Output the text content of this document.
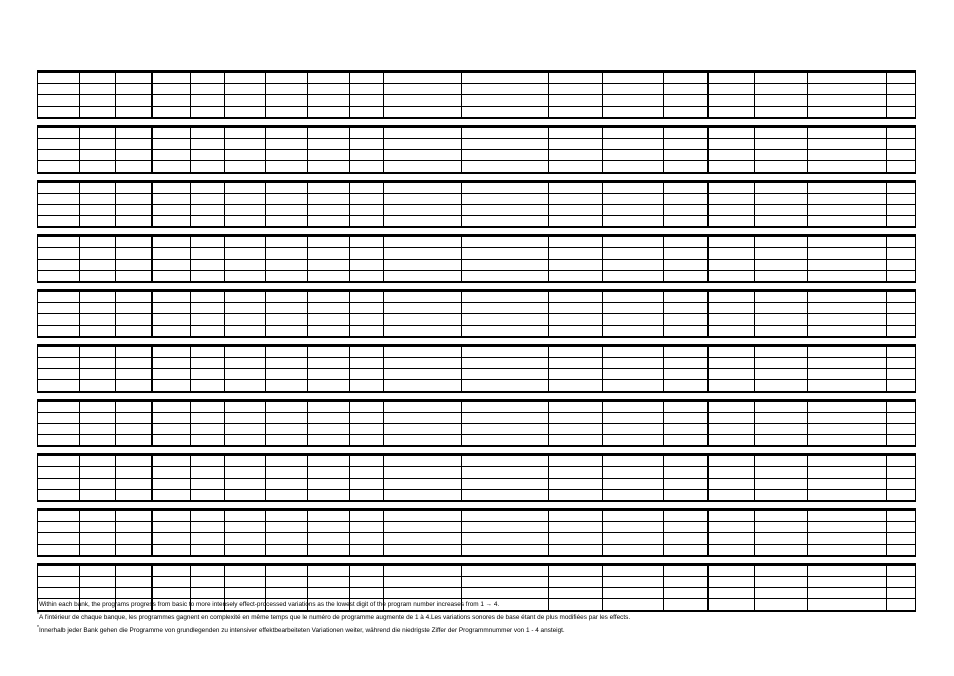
*Within each bank, the programs progress from basic to more intensely effect-processed variations as the lowest digit of the program number increases from 1 → 4.
*A l'intérieur de chaque banque, les programmes gagnent en complexité en même temps que le numéro de programme augmente de 1 à 4.Les variations sonores de base étant de plus modifiées par les effects.
*Innerhalb jeder Bank gehen die Programme von grundlegenden zu intensiver effektbearbeiteten Variationen weiter, während die niedrigste Ziffer der Programmnummer von 1 - 4 ansteigt.
